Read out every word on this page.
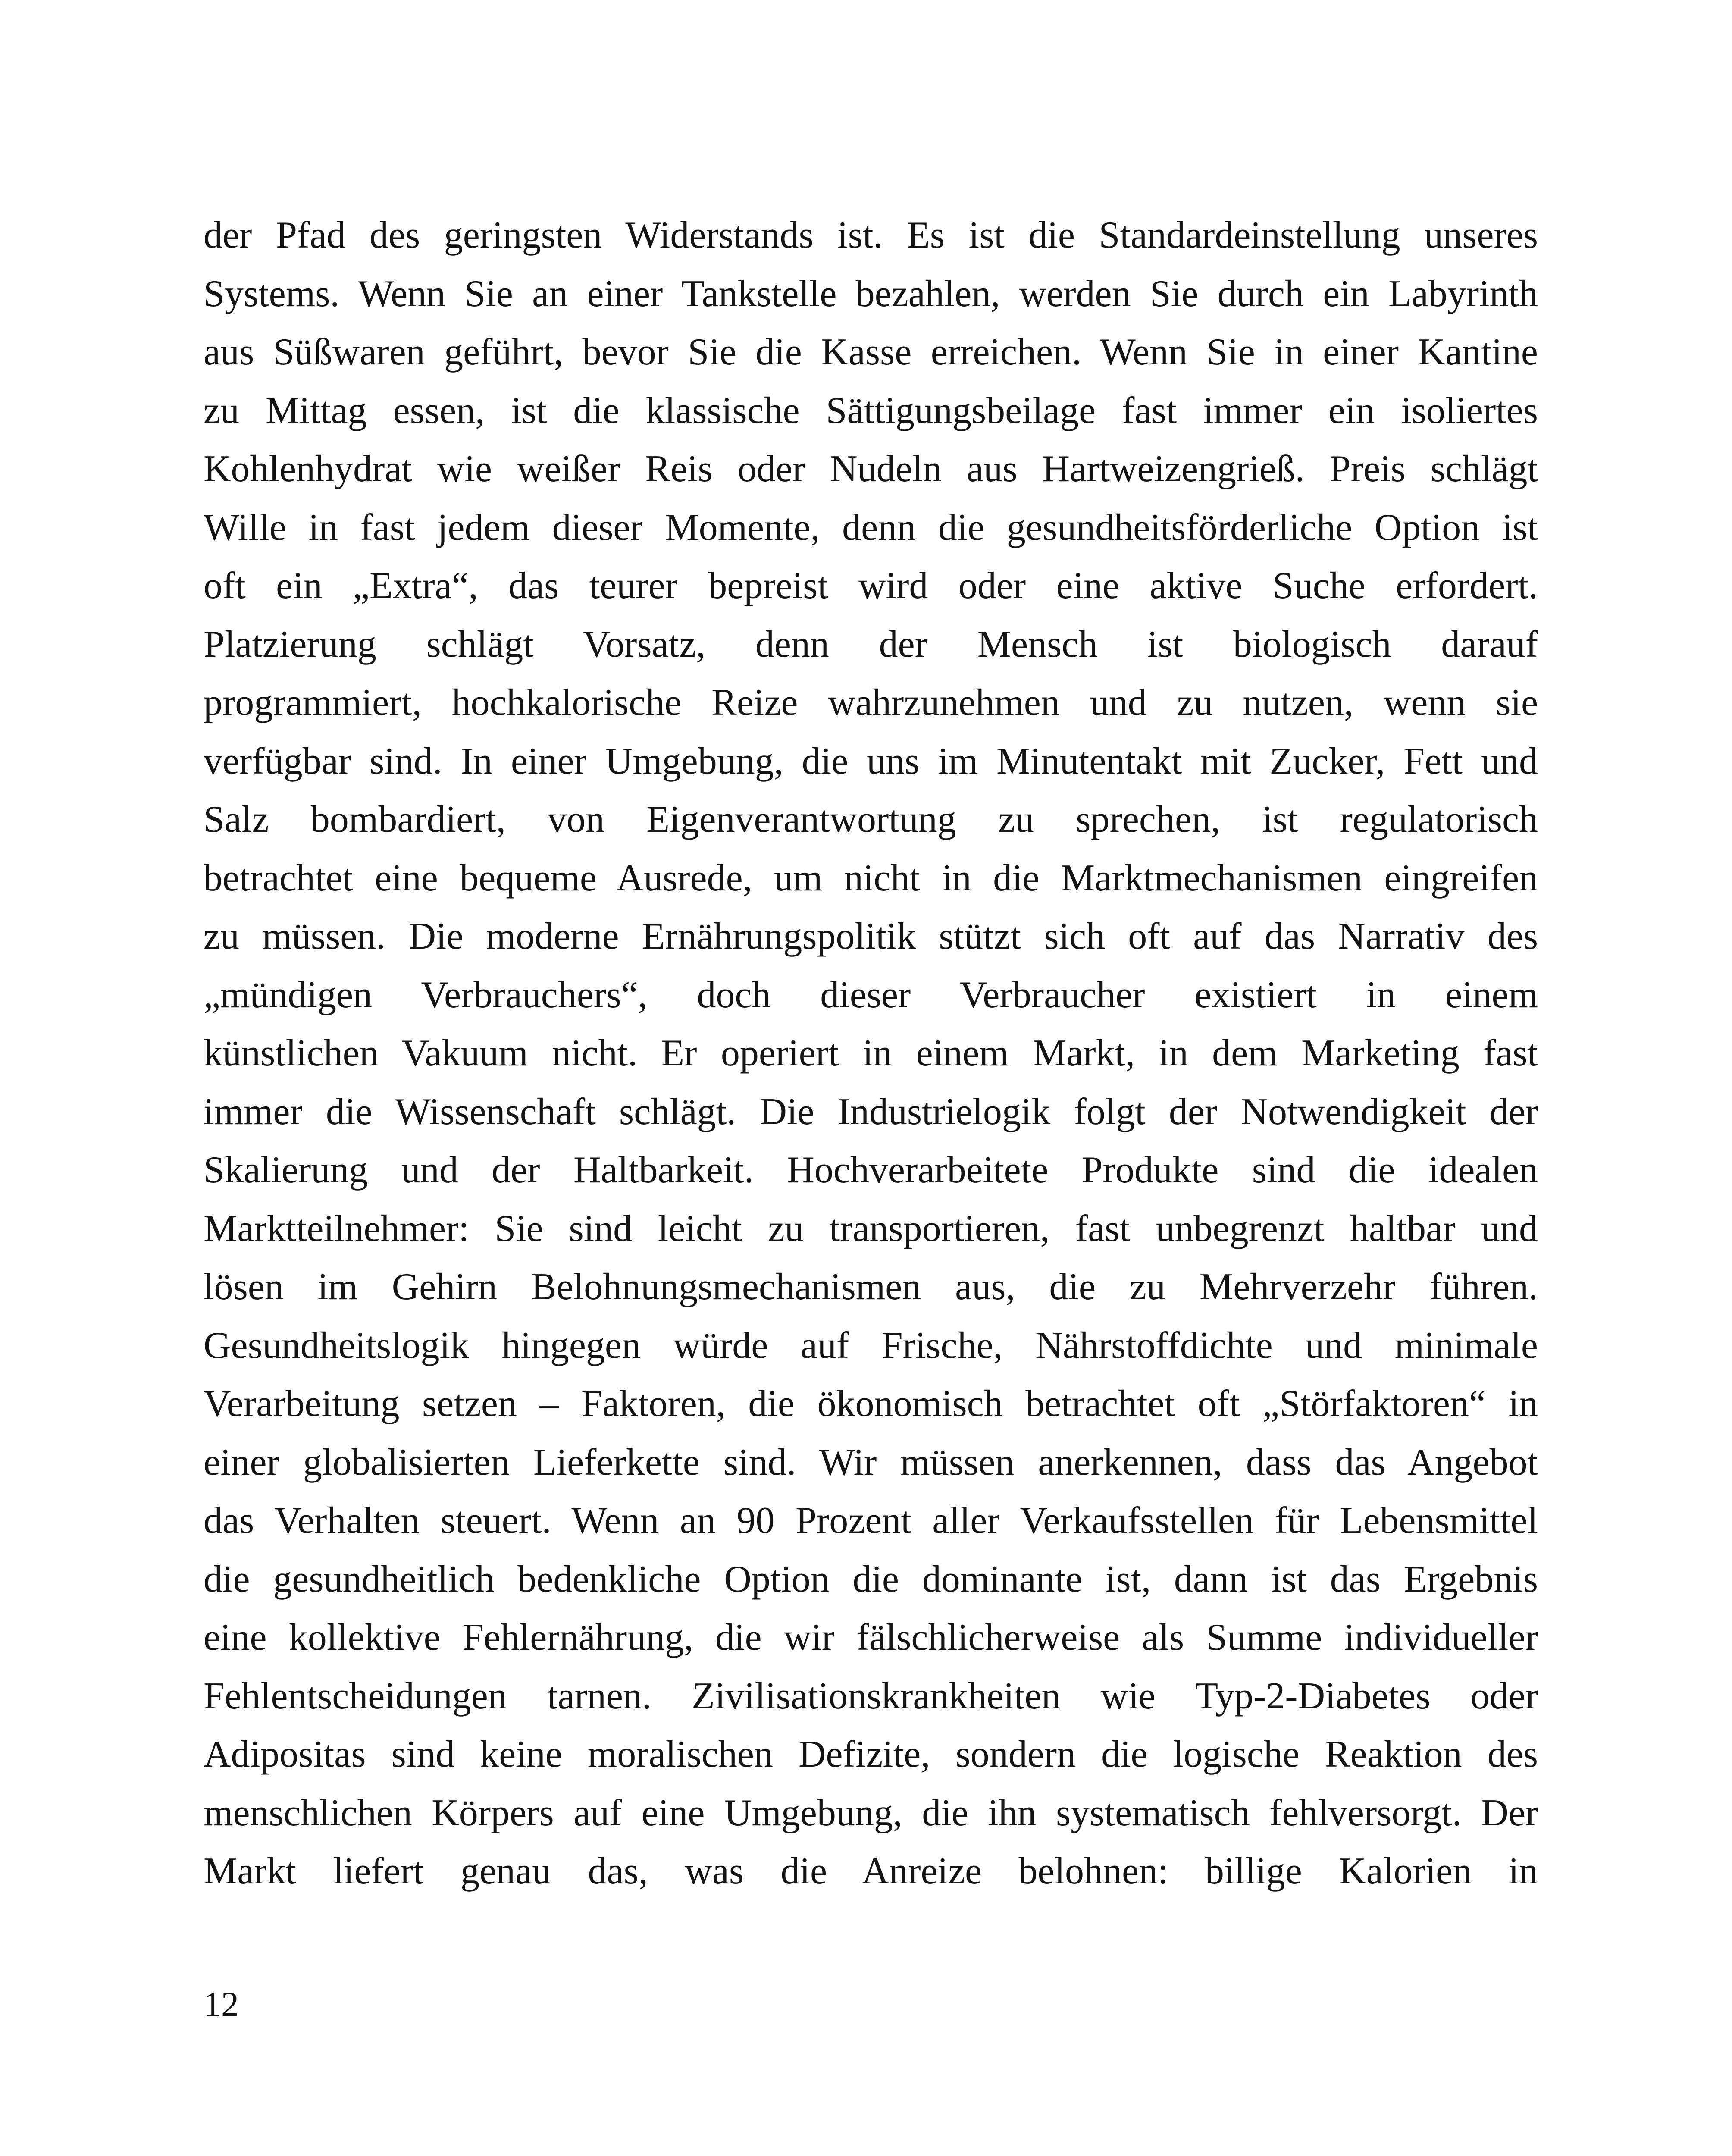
der Pfad des geringsten Widerstands ist. Es ist die Standardeinstellung unseres
Systems. Wenn Sie an einer Tankstelle bezahlen, werden Sie durch ein Labyrinth
aus Süßwaren geführt, bevor Sie die Kasse erreichen. Wenn Sie in einer Kantine
zu Mittag essen, ist die klassische Sättigungsbeilage fast immer ein isoliertes
Kohlenhydrat wie weißer Reis oder Nudeln aus Hartweizengrieß. Preis schlägt
Wille in fast jedem dieser Momente, denn die gesundheitsförderliche Option ist
oft ein „Extra“, das teurer bepreist wird oder eine aktive Suche erfordert.
Platzierung schlägt Vorsatz, denn der Mensch ist biologisch darauf
programmiert, hochkalorische Reize wahrzunehmen und zu nutzen, wenn sie
verfügbar sind. In einer Umgebung, die uns im Minutentakt mit Zucker, Fett und
Salz bombardiert, von Eigenverantwortung zu sprechen, ist regulatorisch
betrachtet eine bequeme Ausrede, um nicht in die Marktmechanismen eingreifen
zu müssen. Die moderne Ernährungspolitik stützt sich oft auf das Narrativ des
„mündigen Verbrauchers“, doch dieser Verbraucher existiert in einem
künstlichen Vakuum nicht. Er operiert in einem Markt, in dem Marketing fast
immer die Wissenschaft schlägt. Die Industrielogik folgt der Notwendigkeit der
Skalierung und der Haltbarkeit. Hochverarbeitete Produkte sind die idealen
Marktteilnehmer: Sie sind leicht zu transportieren, fast unbegrenzt haltbar und
lösen im Gehirn Belohnungsmechanismen aus, die zu Mehrverzehr führen.
Gesundheitslogik hingegen würde auf Frische, Nährstoffdichte und minimale
Verarbeitung setzen – Faktoren, die ökonomisch betrachtet oft „Störfaktoren“ in
einer globalisierten Lieferkette sind. Wir müssen anerkennen, dass das Angebot
das Verhalten steuert. Wenn an 90 Prozent aller Verkaufsstellen für Lebensmittel
die gesundheitlich bedenkliche Option die dominante ist, dann ist das Ergebnis
eine kollektive Fehlernährung, die wir fälschlicherweise als Summe individueller
Fehlentscheidungen tarnen. Zivilisationskrankheiten wie Typ-2-Diabetes oder
Adipositas sind keine moralischen Defizite, sondern die logische Reaktion des
menschlichen Körpers auf eine Umgebung, die ihn systematisch fehlversorgt. Der
Markt liefert genau das, was die Anreize belohnen: billige Kalorien in

12
